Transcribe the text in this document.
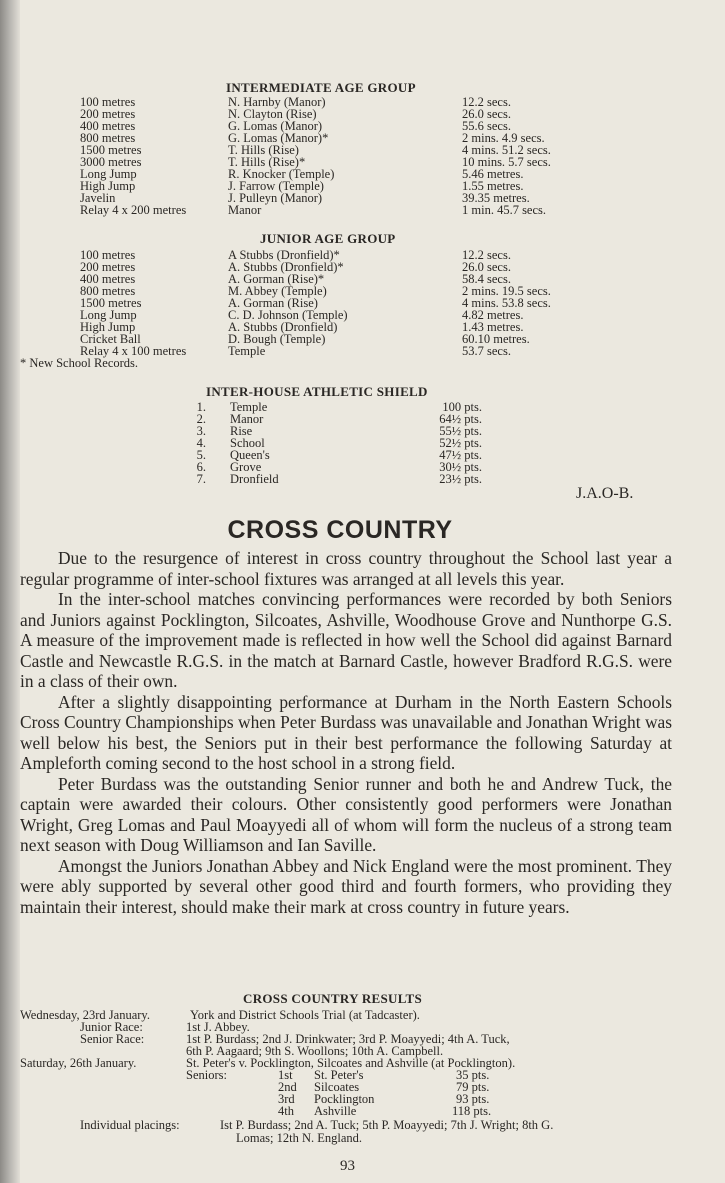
INTERMEDIATE AGE GROUP
100 metres	N. Harnby (Manor)	12.2 secs.
200 metres	N. Clayton (Rise)	26.0 secs.
400 metres	G. Lomas (Manor)	55.6 secs.
800 metres	G. Lomas (Manor)*	2 mins. 4.9 secs.
1500 metres	T. Hills (Rise)	4 mins. 51.2 secs.
3000 metres	T. Hills (Rise)*	10 mins. 5.7 secs.
Long Jump	R. Knocker (Temple)	5.46 metres.
High Jump	J. Farrow (Temple)	1.55 metres.
Javelin	J. Pulleyn (Manor)	39.35 metres.
Relay 4 x 200 metres	Manor	1 min. 45.7 secs.
JUNIOR AGE GROUP
100 metres	A Stubbs (Dronfield)*	12.2 secs.
200 metres	A. Stubbs (Dronfield)*	26.0 secs.
400 metres	A. Gorman (Rise)*	58.4 secs.
800 metres	M. Abbey (Temple)	2 mins. 19.5 secs.
1500 metres	A. Gorman (Rise)	4 mins. 53.8 secs.
Long Jump	C. D. Johnson (Temple)	4.82 metres.
High Jump	A. Stubbs (Dronfield)	1.43 metres.
Cricket Ball	D. Bough (Temple)	60.10 metres.
Relay 4 x 100 metres	Temple	53.7 secs.
* New School Records.
INTER-HOUSE ATHLETIC SHIELD
1. Temple	100 pts.
2. Manor	64½ pts.
3. Rise	55½ pts.
4. School	52½ pts.
5. Queen's	47½ pts.
6. Grove	30½ pts.
7. Dronfield	23½ pts.
J.A.O-B.
CROSS COUNTRY

Due to the resurgence of interest in cross country throughout the School last year a regular programme of inter-school fixtures was arranged at all levels this year.

In the inter-school matches convincing performances were recorded by both Seniors and Juniors against Pocklington, Silcoates, Ashville, Woodhouse Grove and Nunthorpe G.S. A measure of the improvement made is reflected in how well the School did against Barnard Castle and Newcastle R.G.S. in the match at Barnard Castle, however Bradford R.G.S. were in a class of their own.

After a slightly disappointing performance at Durham in the North Eastern Schools Cross Country Championships when Peter Burdass was unavailable and Jonathan Wright was well below his best, the Seniors put in their best performance the following Saturday at Ampleforth coming second to the host school in a strong field.

Peter Burdass was the outstanding Senior runner and both he and Andrew Tuck, the captain were awarded their colours. Other consistently good performers were Jonathan Wright, Greg Lomas and Paul Moayyedi all of whom will form the nucleus of a strong team next season with Doug Williamson and Ian Saville.

Amongst the Juniors Jonathan Abbey and Nick England were the most prominent. They were ably supported by several other good third and fourth formers, who providing they maintain their interest, should make their mark at cross country in future years.

CROSS COUNTRY RESULTS
Wednesday, 23rd January.	York and District Schools Trial (at Tadcaster).
Junior Race:	1st J. Abbey.
Senior Race:	1st P. Burdass; 2nd J. Drinkwater; 3rd P. Moayyedi; 4th A. Tuck,
6th P. Aagaard; 9th S. Woollons; 10th A. Campbell.
Saturday, 26th January.	St. Peter's v. Pocklington, Silcoates and Ashville (at Pocklington).
Seniors:	1st St. Peter's	35 pts.
2nd Silcoates	79 pts.
3rd Pocklington	93 pts.
4th Ashville	118 pts.
Individual placings:	Ist P. Burdass; 2nd A. Tuck; 5th P. Moayyedi; 7th J. Wright; 8th G.
Lomas; 12th N. England.
93
